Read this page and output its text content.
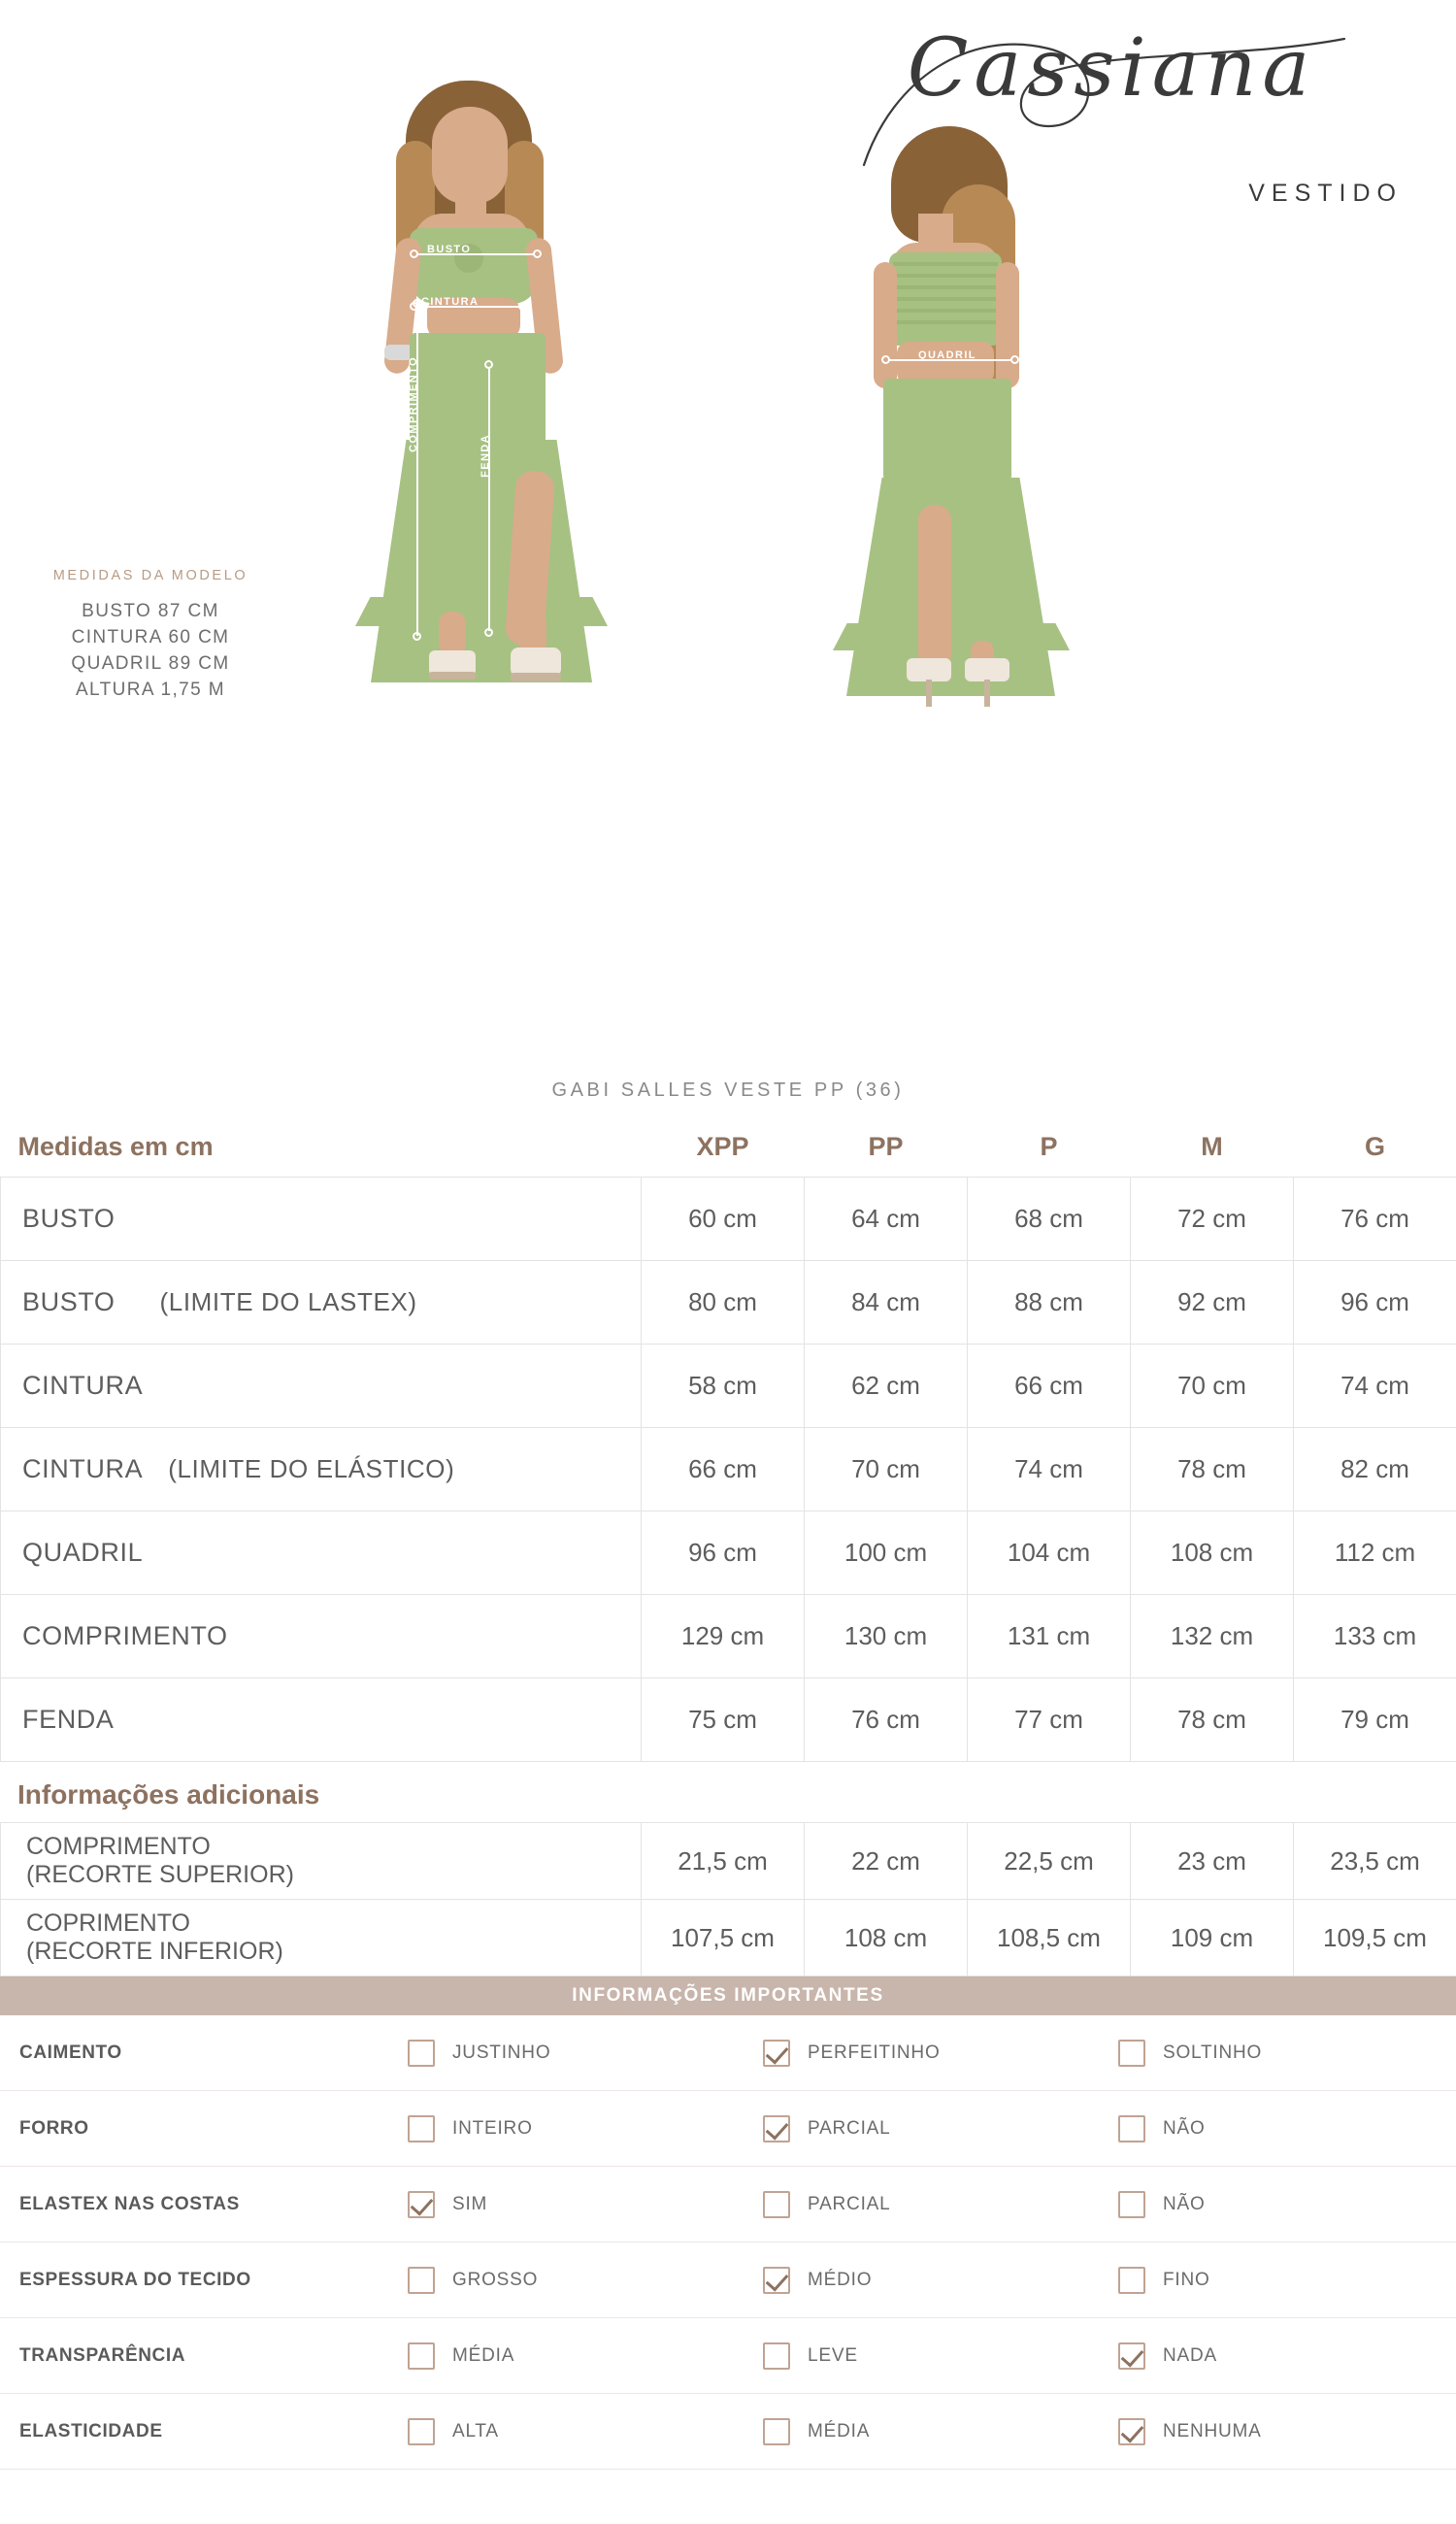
Cassiana
VESTIDO
MEDIDAS DA MODELO
BUSTO 87 CM
CINTURA 60 CM
QUADRIL 89 CM
ALTURA 1,75 M
BUSTO
CINTURA
COMPRIMENTO
FENDA
QUADRIL
GABI SALLES VESTE PP (36)
Medidas em cm	XPP	PP	P	M	G
BUSTO	60 cm	64 cm	68 cm	72 cm	76 cm
BUSTO (LIMITE DO LASTEX)	80 cm	84 cm	88 cm	92 cm	96 cm
CINTURA	58 cm	62 cm	66 cm	70 cm	74 cm
CINTURA (LIMITE DO ELÁSTICO)	66 cm	70 cm	74 cm	78 cm	82 cm
QUADRIL	96 cm	100 cm	104 cm	108 cm	112 cm
COMPRIMENTO	129 cm	130 cm	131 cm	132 cm	133 cm
FENDA	75 cm	76 cm	77 cm	78 cm	79 cm
Informações adicionais
COMPRIMENTO
(RECORTE SUPERIOR)	21,5 cm	22 cm	22,5 cm	23 cm	23,5 cm

COPRIMENTO
(RECORTE INFERIOR)	107,5 cm	108 cm	108,5 cm	109 cm	109,5 cm
INFORMAÇÕES IMPORTANTES
CAIMENTO	JUSTINHO	PERFEITINHO	SOLTINHO

FORRO	INTEIRO	PARCIAL	NÃO

ELASTEX NAS COSTAS	SIM	PARCIAL	NÃO

ESPESSURA DO TECIDO	GROSSO	MÉDIO	FINO

TRANSPARÊNCIA	MÉDIA	LEVE	NADA

ELASTICIDADE	ALTA	MÉDIA	NENHUMA
